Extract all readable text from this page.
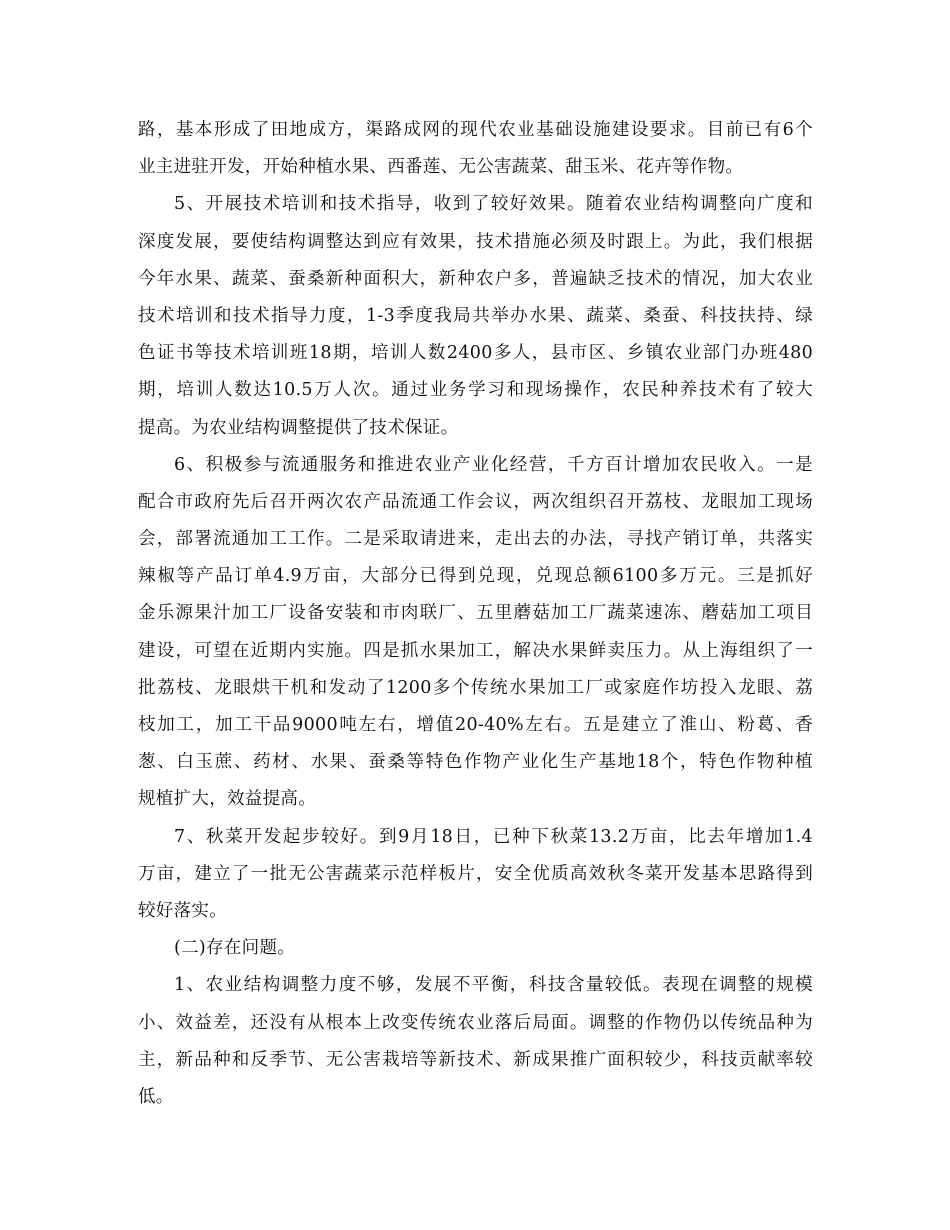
路，基本形成了田地成方，渠路成网的现代农业基础设施建设要求。目前已有6个
业主进驻开发，开始种植水果、西番莲、无公害蔬菜、甜玉米、花卉等作物。
5、开展技术培训和技术指导，收到了较好效果。随着农业结构调整向广度和
深度发展，要使结构调整达到应有效果，技术措施必须及时跟上。为此，我们根据
今年水果、蔬菜、蚕桑新种面积大，新种农户多，普遍缺乏技术的情况，加大农业
技术培训和技术指导力度，1-3季度我局共举办水果、蔬菜、桑蚕、科技扶持、绿
色证书等技术培训班18期，培训人数2400多人，县市区、乡镇农业部门办班480
期，培训人数达10.5万人次。通过业务学习和现场操作，农民种养技术有了较大
提高。为农业结构调整提供了技术保证。
6、积极参与流通服务和推进农业产业化经营，千方百计增加农民收入。一是
配合市政府先后召开两次农产品流通工作会议，两次组织召开荔枝、龙眼加工现场
会，部署流通加工工作。二是采取请进来，走出去的办法，寻找产销订单，共落实
辣椒等产品订单4.9万亩，大部分已得到兑现，兑现总额6100多万元。三是抓好
金乐源果汁加工厂设备安装和市肉联厂、五里蘑菇加工厂蔬菜速冻、蘑菇加工项目
建设，可望在近期内实施。四是抓水果加工，解决水果鲜卖压力。从上海组织了一
批荔枝、龙眼烘干机和发动了1200多个传统水果加工厂或家庭作坊投入龙眼、荔
枝加工，加工干品9000吨左右，增值20-40%左右。五是建立了淮山、粉葛、香
葱、白玉蔗、药材、水果、蚕桑等特色作物产业化生产基地18个，特色作物种植
规植扩大，效益提高。
7、秋菜开发起步较好。到9月18日，已种下秋菜13.2万亩，比去年增加1.4
万亩，建立了一批无公害蔬菜示范样板片，安全优质高效秋冬菜开发基本思路得到
较好落实。
(二)存在问题。
1、农业结构调整力度不够，发展不平衡，科技含量较低。表现在调整的规模
小、效益差，还没有从根本上改变传统农业落后局面。调整的作物仍以传统品种为
主，新品种和反季节、无公害栽培等新技术、新成果推广面积较少，科技贡献率较
低。
